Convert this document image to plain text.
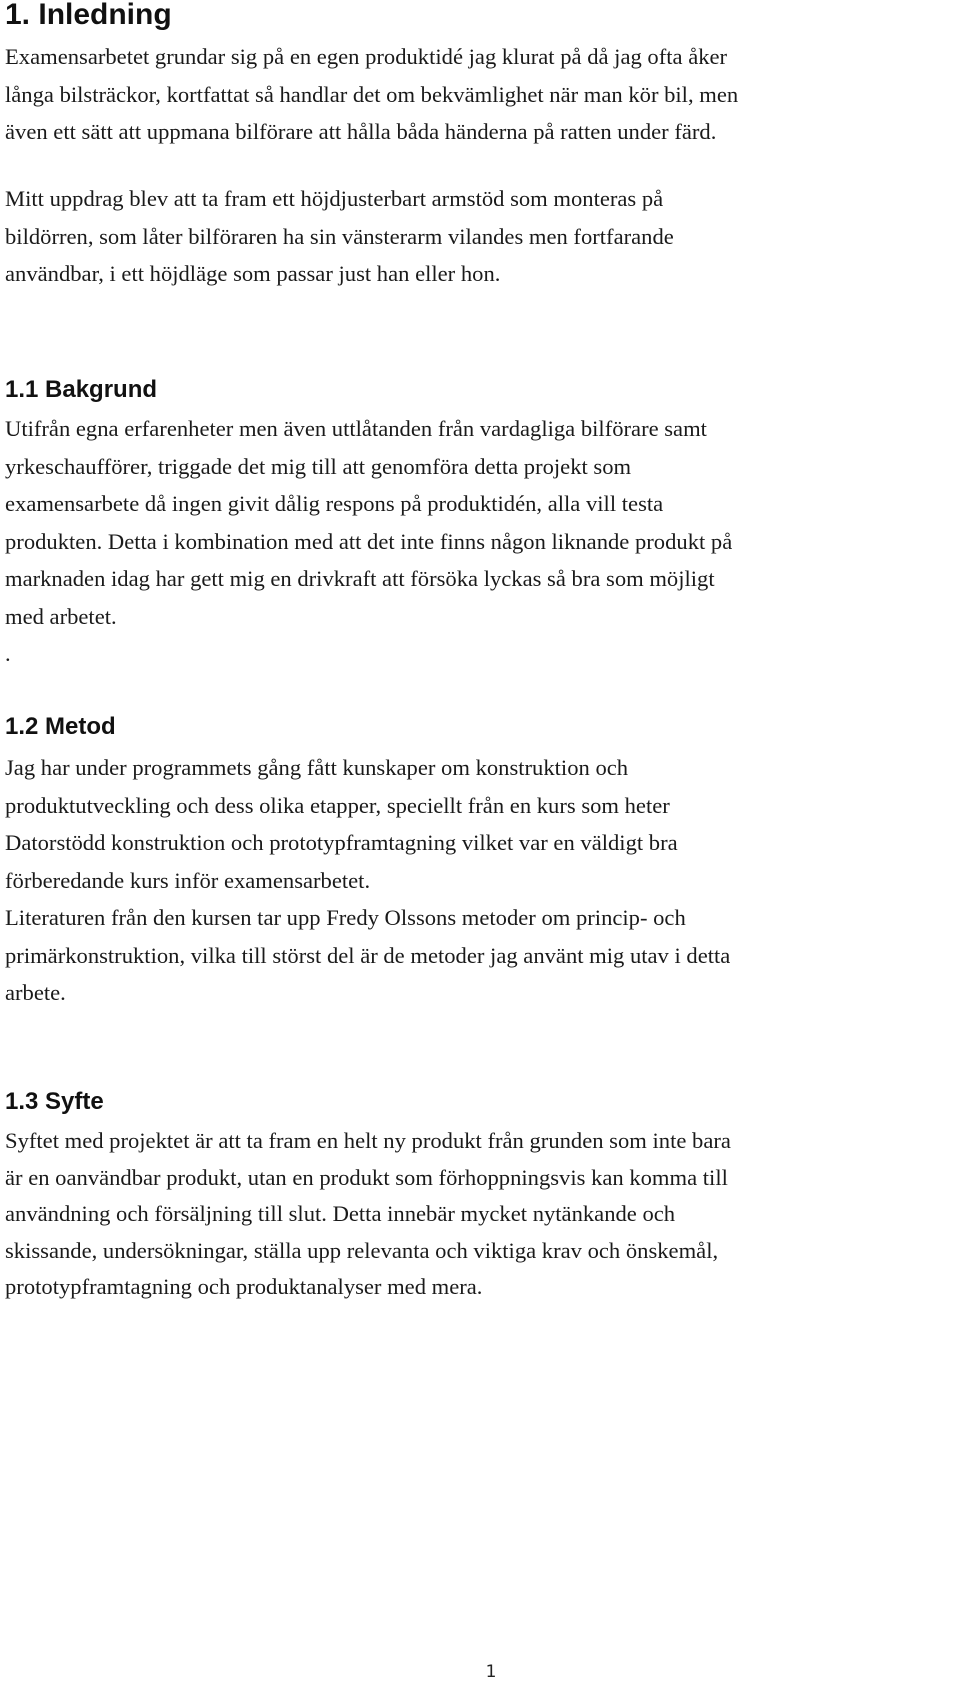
1. Inledning

Examensarbetet grundar sig på en egen produktidé jag klurat på då jag ofta åker
långa bilsträckor, kortfattat så handlar det om bekvämlighet när man kör bil, men
även ett sätt att uppmana bilförare att hålla båda händerna på ratten under färd.

Mitt uppdrag blev att ta fram ett höjdjusterbart armstöd som monteras på
bildörren, som låter bilföraren ha sin vänsterarm vilandes men fortfarande
användbar, i ett höjdläge som passar just han eller hon.

1.1 Bakgrund

Utifrån egna erfarenheter men även uttlåtanden från vardagliga bilförare samt
yrkeschaufförer, triggade det mig till att genomföra detta projekt som
examensarbete då ingen givit dålig respons på produktidén, alla vill testa
produkten. Detta i kombination med att det inte finns någon liknande produkt på
marknaden idag har gett mig en drivkraft att försöka lyckas så bra som möjligt
med arbetet.
.

1.2 Metod

Jag har under programmets gång fått kunskaper om konstruktion och
produktutveckling och dess olika etapper, speciellt från en kurs som heter
Datorstödd konstruktion och prototypframtagning vilket var en väldigt bra
förberedande kurs inför examensarbetet.
Literaturen från den kursen tar upp Fredy Olssons metoder om princip- och
primärkonstruktion, vilka till störst del är de metoder jag använt mig utav i detta
arbete.

1.3 Syfte

Syftet med projektet är att ta fram en helt ny produkt från grunden som inte bara
är en oanvändbar produkt, utan en produkt som förhoppningsvis kan komma till
användning och försäljning till slut. Detta innebär mycket nytänkande och
skissande, undersökningar, ställa upp relevanta och viktiga krav och önskemål,
prototypframtagning och produktanalyser med mera.

1
